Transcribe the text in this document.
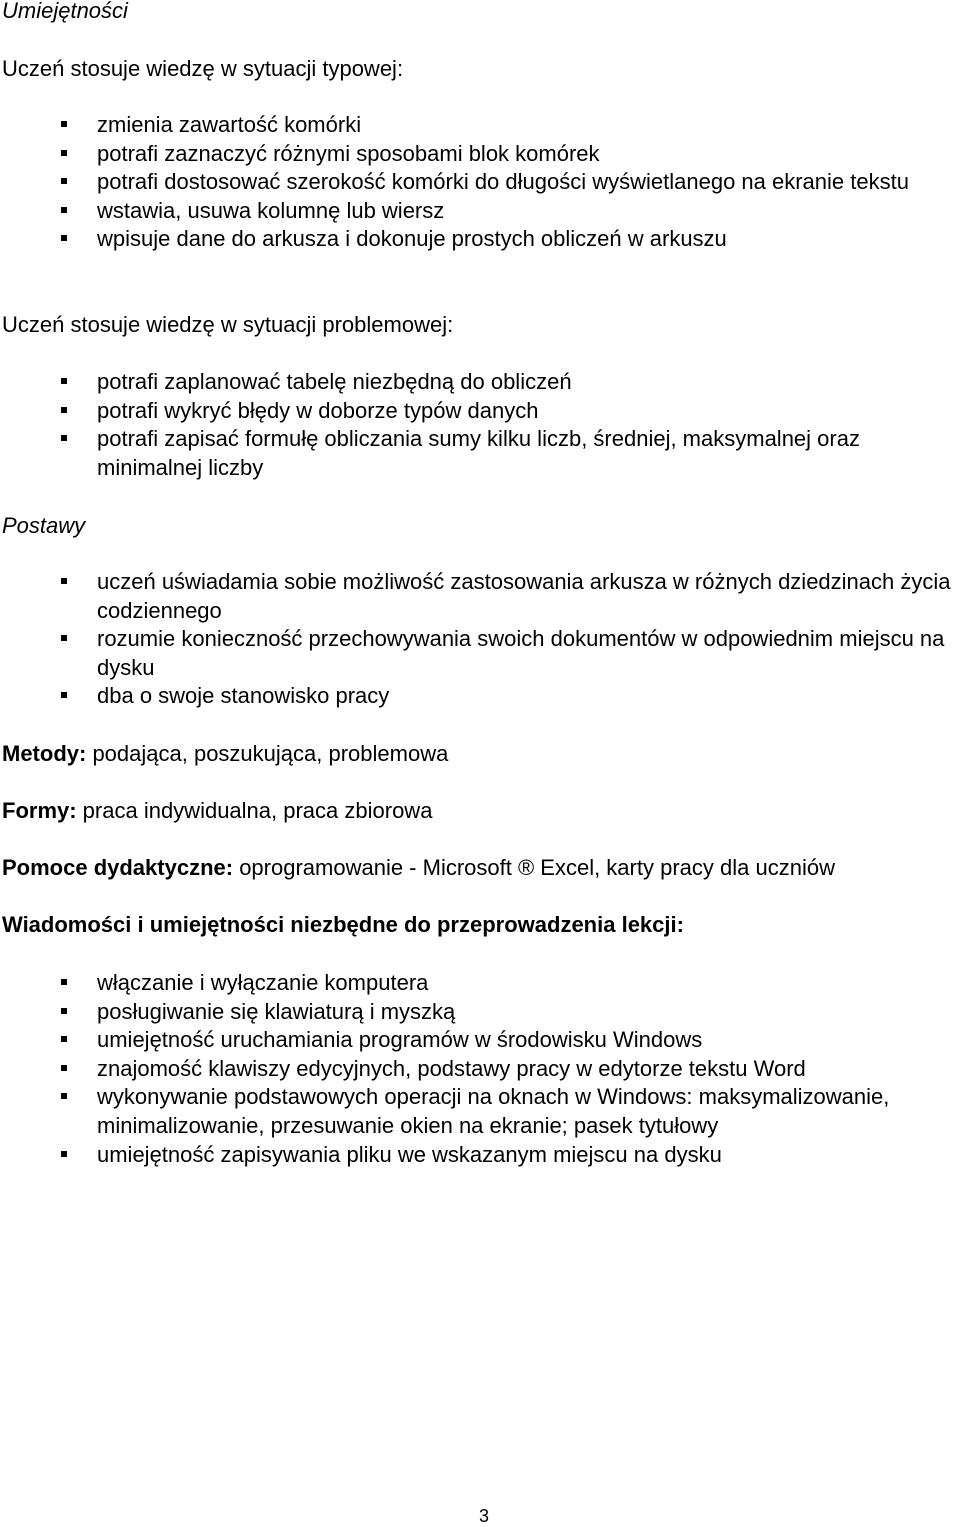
Umiejętności

Uczeń stosuje wiedzę w sytuacji typowej:

zmienia zawartość komórki
potrafi zaznaczyć różnymi sposobami blok komórek
potrafi dostosować szerokość komórki do długości wyświetlanego na ekranie tekstu
wstawia, usuwa kolumnę lub wiersz
wpisuje dane do arkusza i dokonuje prostych obliczeń w arkuszu

Uczeń stosuje wiedzę w sytuacji problemowej:

potrafi zaplanować tabelę niezbędną do obliczeń
potrafi wykryć błędy w doborze typów danych
potrafi zapisać formułę obliczania sumy kilku liczb, średniej, maksymalnej oraz minimalnej liczby

Postawy

uczeń uświadamia sobie możliwość zastosowania arkusza w różnych dziedzinach życia codziennego
rozumie konieczność przechowywania swoich dokumentów w odpowiednim miejscu na dysku
dba o swoje stanowisko pracy

Metody: podająca, poszukująca, problemowa

Formy: praca indywidualna, praca zbiorowa

Pomoce dydaktyczne: oprogramowanie - Microsoft ® Excel, karty pracy dla uczniów

Wiadomości i umiejętności niezbędne do przeprowadzenia lekcji:

włączanie i wyłączanie komputera
posługiwanie się klawiaturą i myszką
umiejętność uruchamiania programów w środowisku Windows
znajomość klawiszy edycyjnych, podstawy pracy w edytorze tekstu Word
wykonywanie podstawowych operacji na oknach w Windows: maksymalizowanie, minimalizowanie, przesuwanie okien na ekranie; pasek tytułowy
umiejętność zapisywania pliku we wskazanym miejscu na dysku
3
